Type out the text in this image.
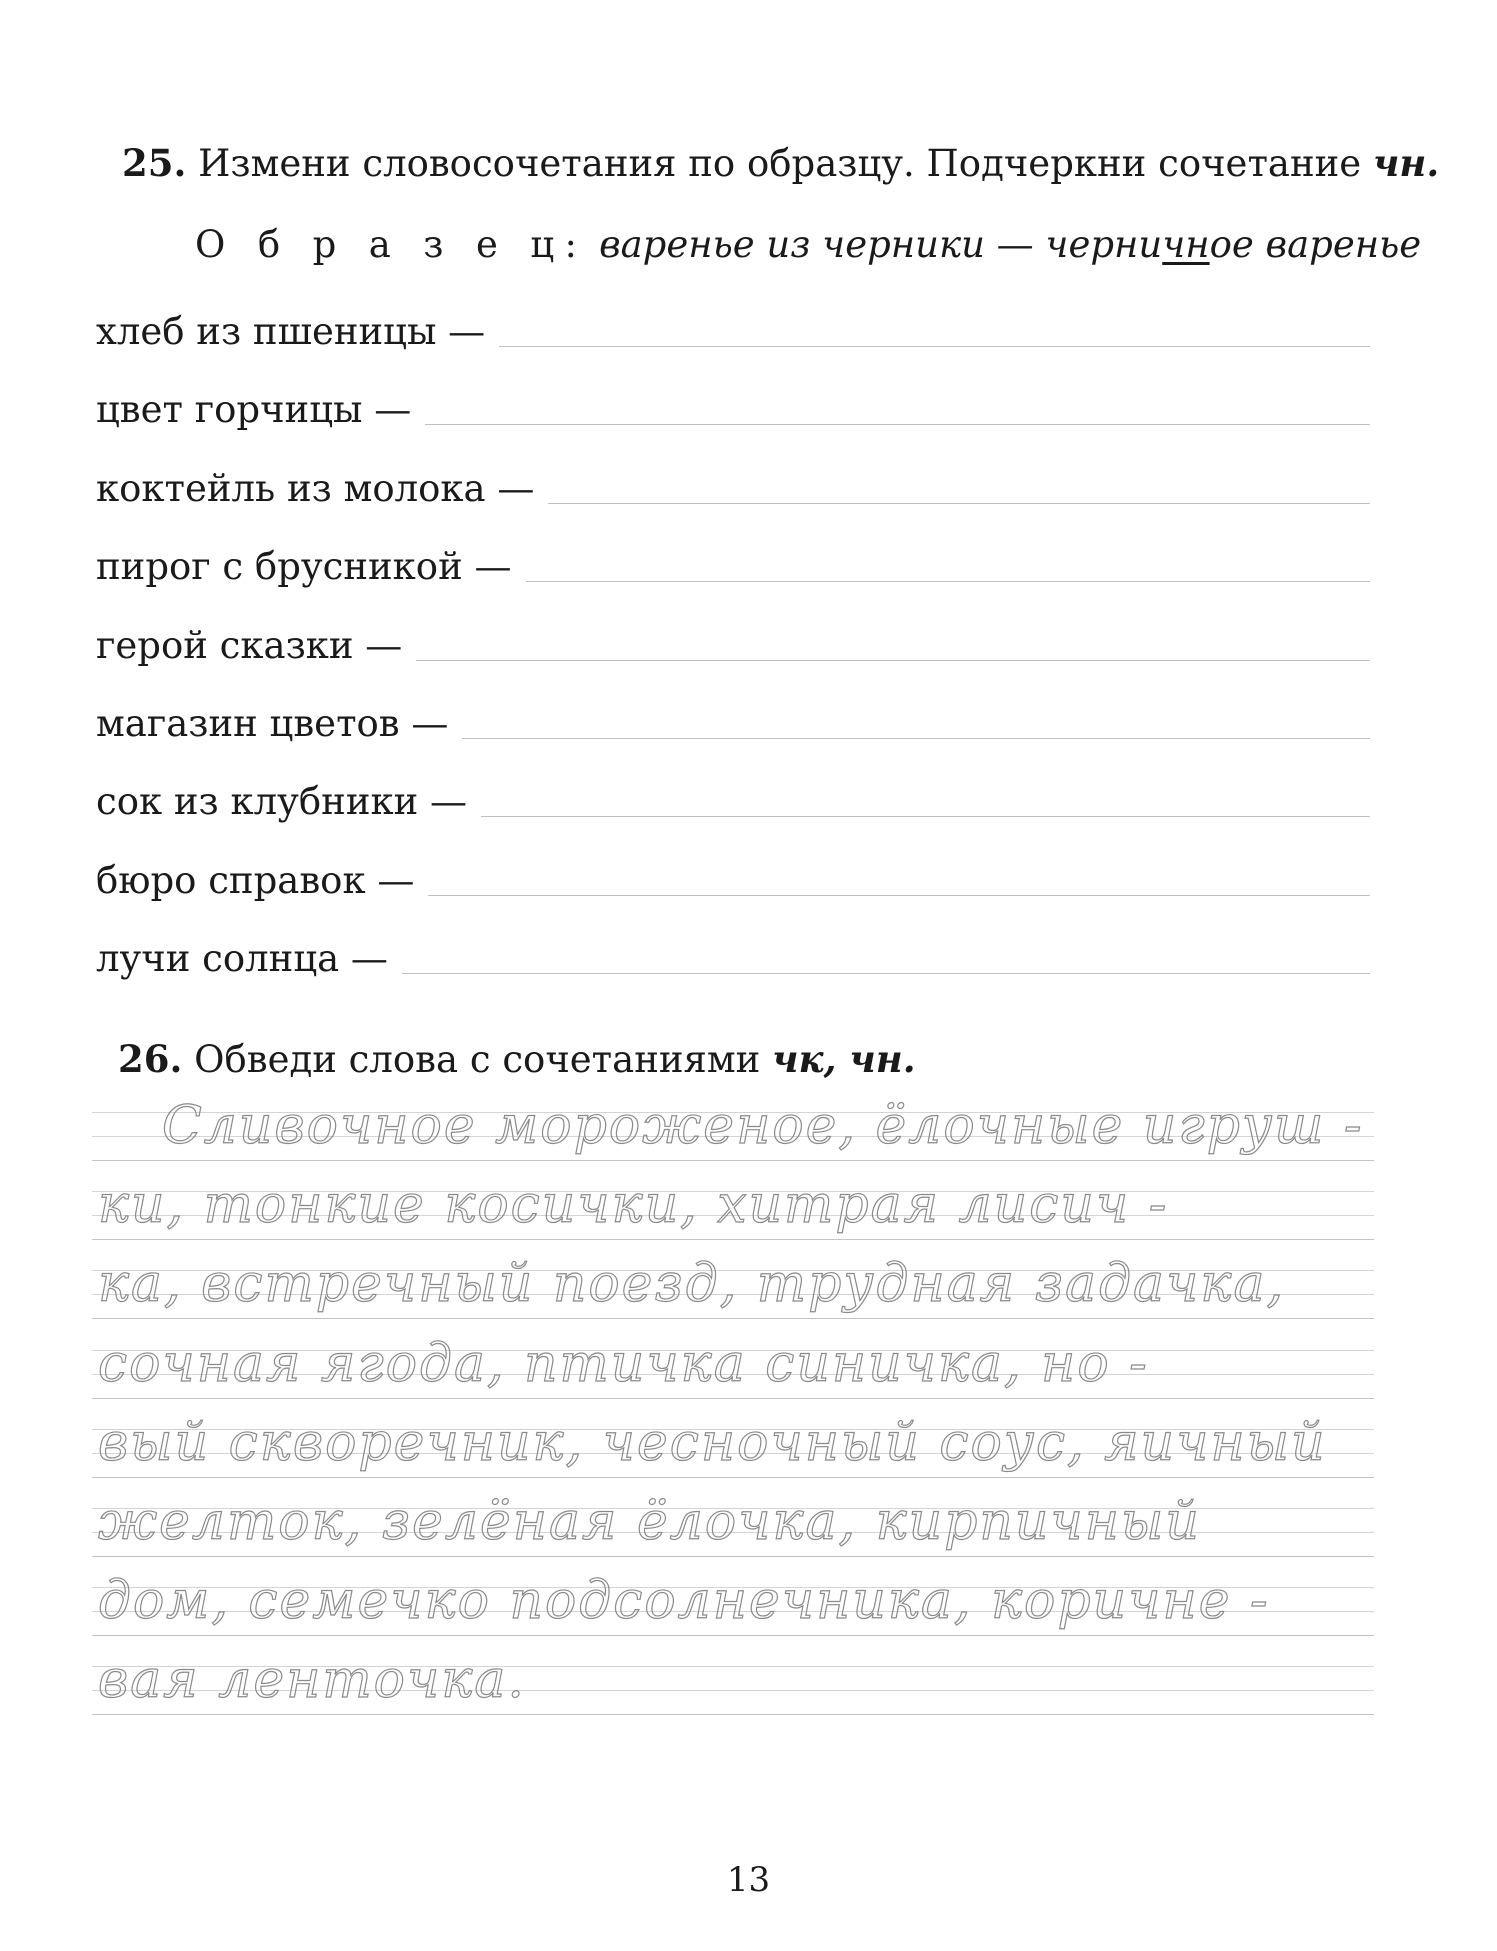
25. Измени словосочетания по образцу. Подчеркни сочетание чн.
О б р а з е ц: варенье из черники — черничное варенье
хлеб из пшеницы —
цвет горчицы —
коктейль из молока —
пирог с брусникой —
герой сказки —
магазин цветов —
сок из клубники —
бюро справок —
лучи солнца —
26. Обведи слова с сочетаниями чк, чн.
Сливочное мороженое, ёлочные игруш -
ки, тонкие косички, хитрая лисич -
ка, встречный поезд, трудная задачка,
сочная ягода, птичка синичка, но -
вый скворечник, чесночный соус, яичный
желток, зелёная ёлочка, кирпичный
дом, семечко подсолнечника, коричне -
вая ленточка.
13
